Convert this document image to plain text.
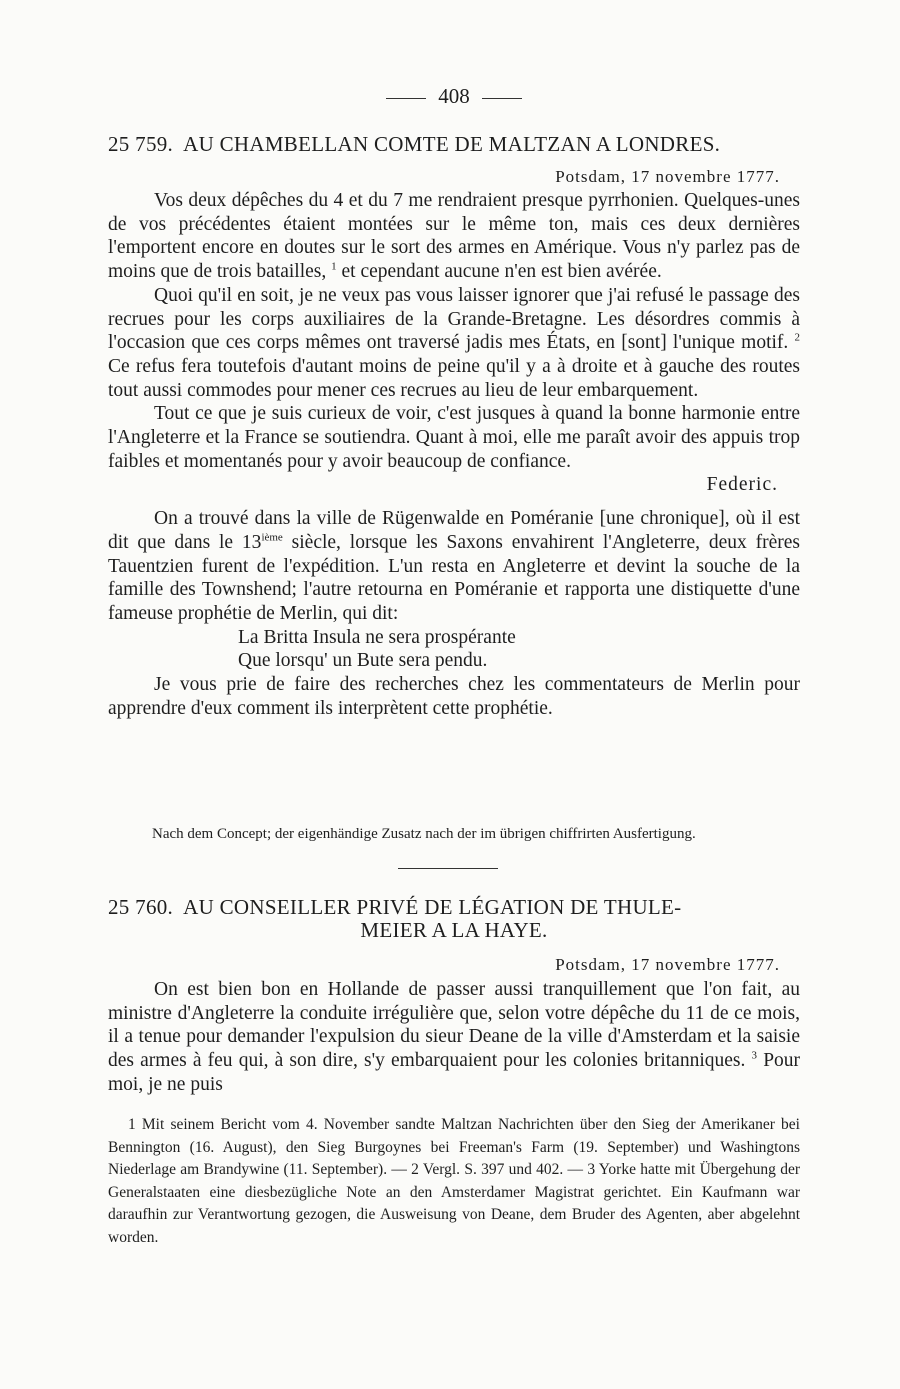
408
25 759. AU CHAMBELLAN COMTE DE MALTZAN A LONDRES.
Potsdam, 17 novembre 1777.

Vos deux dépêches du 4 et du 7 me rendraient presque pyrrhonien. Quelques-unes de vos précédentes étaient montées sur le même ton, mais ces deux dernières l'emportent encore en doutes sur le sort des armes en Amérique. Vous n'y parlez pas de moins que de trois batailles, $^1$ et cependant aucune n'en est bien avérée.

Quoi qu'il en soit, je ne veux pas vous laisser ignorer que j'ai refusé le passage des recrues pour les corps auxiliaires de la Grande-Bretagne. Les désordres commis à l'occasion que ces corps mêmes ont traversé jadis mes États, en [sont] l'unique motif. $^2$ Ce refus fera toutefois d'autant moins de peine qu'il y a à droite et à gauche des routes tout aussi commodes pour mener ces recrues au lieu de leur embarquement.

Tout ce que je suis curieux de voir, c'est jusques à quand la bonne harmonie entre l'Angleterre et la France se soutiendra. Quant à moi, elle me paraît avoir des appuis trop faibles et momentanés pour y avoir beaucoup de confiance.

Federic.

On a trouvé dans la ville de Rügenwalde en Poméranie [une chronique], où il est dit que dans le 13ième siècle, lorsque les Saxons envahirent l'Angleterre, deux frères Tauentzien furent de l'expédition. L'un resta en Angleterre et devint la souche de la famille des Townshend; l'autre retourna en Poméranie et rapporta une distiquette d'une fameuse prophétie de Merlin, qui dit:

La Britta Insula ne sera prospérante
Que lorsqu' un Bute sera pendu.

Je vous prie de faire des recherches chez les commentateurs de Merlin pour apprendre d'eux comment ils interprètent cette prophétie.

Nach dem Concept; der eigenhändige Zusatz nach der im übrigen chiffrirten Ausfertigung.
25 760. AU CONSEILLER PRIVÉ DE LÉGATION DE THULE-
MEIER A LA HAYE.
Potsdam, 17 novembre 1777.

On est bien bon en Hollande de passer aussi tranquillement que l'on fait, au ministre d'Angleterre la conduite irrégulière que, selon votre dépêche du 11 de ce mois, il a tenue pour demander l'expulsion du sieur Deane de la ville d'Amsterdam et la saisie des armes à feu qui, à son dire, s'y embarquaient pour les colonies britanniques. $^3$ Pour moi, je ne puis

1 Mit seinem Bericht vom 4. November sandte Maltzan Nachrichten über den Sieg der Amerikaner bei Bennington (16. August), den Sieg Burgoynes bei Freeman's Farm (19. September) und Washingtons Niederlage am Brandywine (11. September). — 2 Vergl. S. 397 und 402. — 3 Yorke hatte mit Übergehung der Generalstaaten eine diesbezügliche Note an den Amsterdamer Magistrat gerichtet. Ein Kaufmann war daraufhin zur Verantwortung gezogen, die Ausweisung von Deane, dem Bruder des Agenten, aber abgelehnt worden.
